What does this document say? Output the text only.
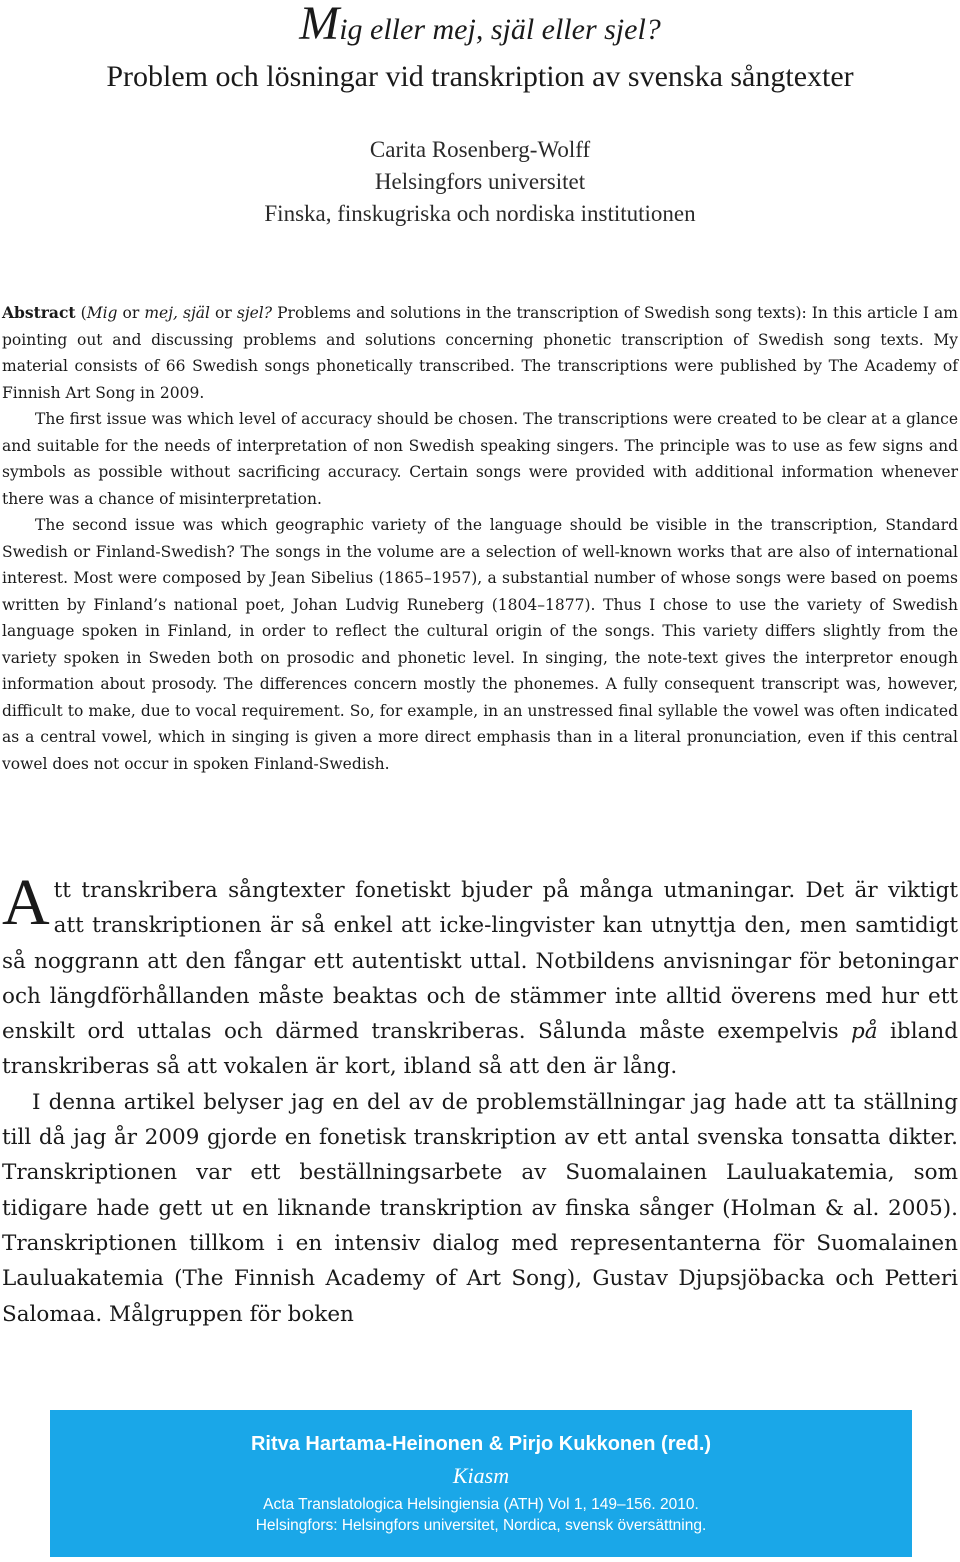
Mig eller mej, själ eller sjel?
Problem och lösningar vid transkription av svenska sångtexter
Carita Rosenberg-Wolff
Helsingfors universitet
Finska, finskugriska och nordiska institutionen

Abstract (Mig or mej, själ or sjel? Problems and solutions in the transcription of Swedish song texts): In this article I am pointing out and discussing problems and solutions concerning phonetic transcription of Swedish song texts. My material consists of 66 Swedish songs phonetically transcribed. The transcriptions were published by The Academy of Finnish Art Song in 2009.

The first issue was which level of accuracy should be chosen. The transcriptions were created to be clear at a glance and suitable for the needs of interpretation of non Swedish speaking singers. The principle was to use as few signs and symbols as possible without sacrificing accuracy. Certain songs were provided with additional information whenever there was a chance of misinterpretation.

The second issue was which geographic variety of the language should be visible in the transcription, Standard Swedish or Finland-Swedish? The songs in the volume are a selection of well-known works that are also of international interest. Most were composed by Jean Sibelius (1865–1957), a substantial number of whose songs were based on poems written by Finland’s national poet, Johan Ludvig Runeberg (1804–1877). Thus I chose to use the variety of Swedish language spoken in Finland, in order to reflect the cultural origin of the songs. This variety differs slightly from the variety spoken in Sweden both on prosodic and phonetic level. In singing, the note-text gives the interpretor enough information about prosody. The differences concern mostly the phonemes. A fully consequent transcript was, however, difficult to make, due to vocal requirement. So, for example, in an unstressed final syllable the vowel was often indicated as a central vowel, which in singing is given a more direct emphasis than in a literal pronunciation, even if this central vowel does not occur in spoken Finland-Swedish.

Att transkribera sångtexter fonetiskt bjuder på många utmaningar. Det är viktigt att transkriptionen är så enkel att icke-lingvister kan utnyttja den, men samtidigt så noggrann att den fångar ett autentiskt uttal. Notbildens anvisningar för betoningar och längdförhållanden måste beaktas och de stämmer inte alltid överens med hur ett enskilt ord uttalas och därmed transkriberas. Sålunda måste exempelvis på ibland transkriberas så att vokalen är kort, ibland så att den är lång.

I denna artikel belyser jag en del av de problemställningar jag hade att ta ställning till då jag år 2009 gjorde en fonetisk transkription av ett antal svenska tonsatta dikter. Transkriptionen var ett beställningsarbete av Suomalainen Lauluakatemia, som tidigare hade gett ut en liknande transkription av finska sånger (Holman & al. 2005). Transkriptionen tillkom i en intensiv dialog med representanterna för Suomalainen Lauluakatemia (The Finnish Academy of Art Song), Gustav Djupsjöbacka och Petteri Salomaa. Målgruppen för boken

Ritva Hartama-Heinonen & Pirjo Kukkonen (red.)
Kiasm
Acta Translatologica Helsingiensia (ATH) Vol 1, 149–156. 2010.
Helsingfors: Helsingfors universitet, Nordica, svensk översättning.
